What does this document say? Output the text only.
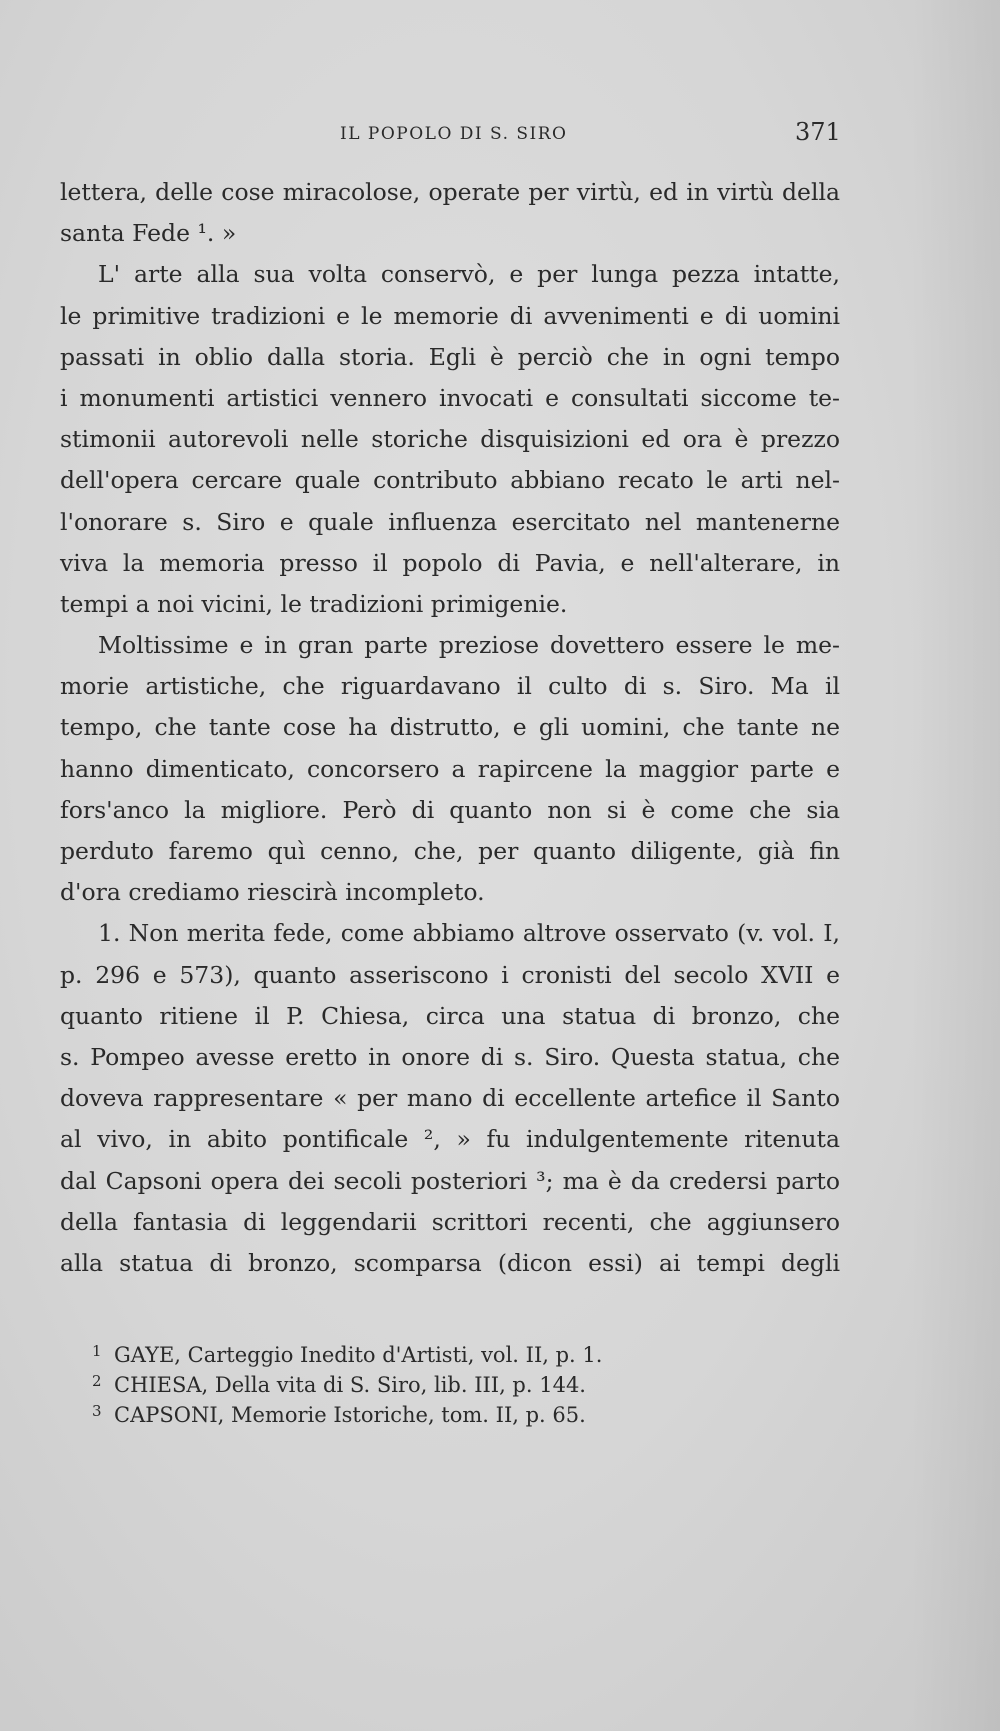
IL POPOLO DI S. SIRO	371
lettera, delle cose miracolose, operate per virtù, ed in virtù della
santa Fede ¹. »
L' arte alla sua volta conservò, e per lunga pezza intatte,
le primitive tradizioni e le memorie di avvenimenti e di uomini
passati in oblio dalla storia. Egli è perciò che in ogni tempo
i monumenti artistici vennero invocati e consultati siccome te-
stimonii autorevoli nelle storiche disquisizioni ed ora è prezzo
dell'opera cercare quale contributo abbiano recato le arti nel-
l'onorare s. Siro e quale influenza esercitato nel mantenerne
viva la memoria presso il popolo di Pavia, e nell'alterare, in
tempi a noi vicini, le tradizioni primigenie.
Moltissime e in gran parte preziose dovettero essere le me-
morie artistiche, che riguardavano il culto di s. Siro. Ma il
tempo, che tante cose ha distrutto, e gli uomini, che tante ne
hanno dimenticato, concorsero a rapircene la maggior parte e
fors'anco la migliore. Però di quanto non si è come che sia
perduto faremo quì cenno, che, per quanto diligente, già fin
d'ora crediamo riescirà incompleto.
1. Non merita fede, come abbiamo altrove osservato (v. vol. I,
p. 296 e 573), quanto asseriscono i cronisti del secolo XVII e
quanto ritiene il P. Chiesa, circa una statua di bronzo, che
s. Pompeo avesse eretto in onore di s. Siro. Questa statua, che
doveva rappresentare « per mano di eccellente artefice il Santo
al vivo, in abito pontificale ², » fu indulgentemente ritenuta
dal Capsoni opera dei secoli posteriori ³; ma è da credersi parto
della fantasia di leggendarii scrittori recenti, che aggiunsero
alla statua di bronzo, scomparsa (dicon essi) ai tempi degli
1 GAYE, Carteggio Inedito d'Artisti, vol. II, p. 1.
2 CHIESA, Della vita di S. Siro, lib. III, p. 144.
3 CAPSONI, Memorie Istoriche, tom. II, p. 65.
